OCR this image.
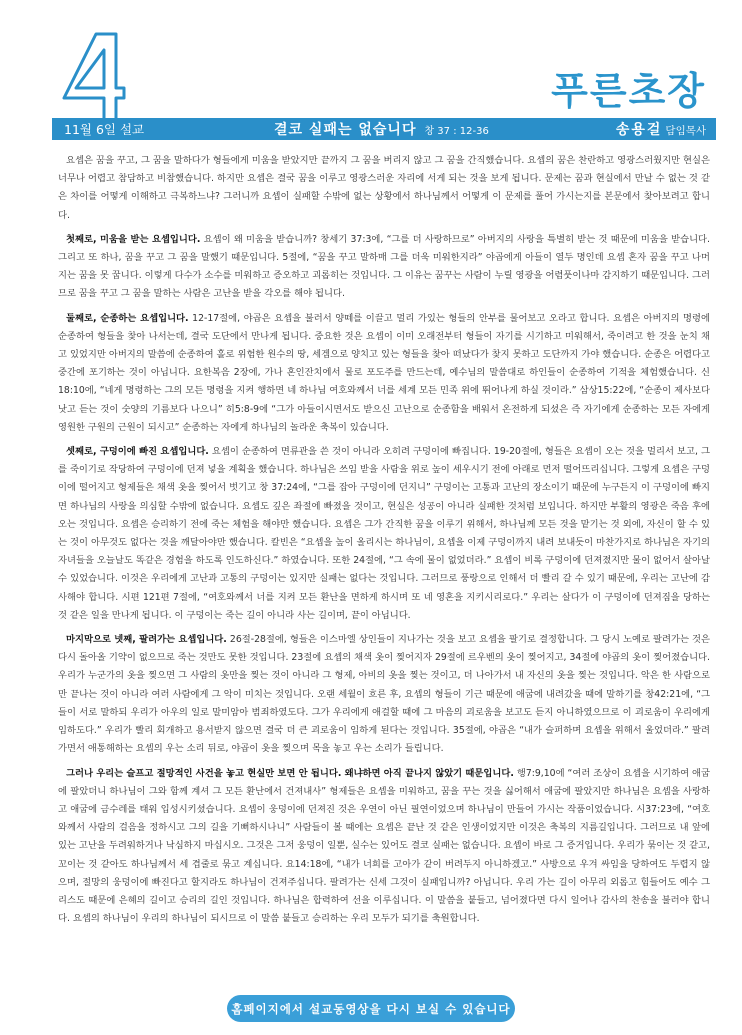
푸른초장
11월 6일 설교	결코 실패는 없습니다 창 37 : 12-36	송용걸 담임목사

요셉은 꿈을 꾸고, 그 꿈을 말하다가 형들에게 미움을 받았지만 끝까지 그 꿈을 버리지 않고 그 꿈을 간직했습니다. 요셉의 꿈은 찬란하고 영광스러웠지만 현실은 너무나 어렵고 참담하고 비참했습니다. 하지만 요셉은 결국 꿈을 이루고 영광스러운 자리에 서게 되는 것을 보게 됩니다. 문제는 꿈과 현실에서 만날 수 없는 것 같은 차이를 어떻게 이해하고 극복하느냐? 그러니까 요셉이 실패할 수밖에 없는 상황에서 하나님께서 어떻게 이 문제를 풀어 가시는지를 본문에서 찾아보려고 합니다.

첫째로, 미움을 받는 요셉입니다. 요셉이 왜 미움을 받습니까? 창세기 37:3에, “그를 더 사랑하므로” 아버지의 사랑을 특별히 받는 것 때문에 미움을 받습니다. 그리고 또 하나, 꿈을 꾸고 그 꿈을 말했기 때문입니다. 5절에, “꿈을 꾸고 말하매 그를 더욱 미워한지라” 야곱에게 아들이 열두 명인데 요셉 혼자 꿈을 꾸고 나머지는 꿈을 못 꿉니다. 이렇게 다수가 소수를 미워하고 증오하고 괴롭히는 것입니다. 그 이유는 꿈꾸는 사람이 누릴 영광을 어렴풋이나마 감지하기 때문입니다. 그러므로 꿈을 꾸고 그 꿈을 말하는 사람은 고난을 받을 각오를 해야 됩니다.

둘째로, 순종하는 요셉입니다. 12-17절에, 야곱은 요셉을 불러서 양떼를 이끌고 멀리 가있는 형들의 안부를 물어보고 오라고 합니다. 요셉은 아버지의 명령에 순종하여 형들을 찾아 나서는데, 결국 도단에서 만나게 됩니다. 중요한 것은 요셉이 이미 오래전부터 형들이 자기를 시기하고 미워해서, 죽이려고 한 것을 눈치 채고 있었지만 아버지의 말씀에 순종하여 홀로 위험한 원수의 땅, 세겜으로 양치고 있는 형들을 찾아 떠났다가 찾지 못하고 도단까지 가야 했습니다. 순종은 어렵다고 중간에 포기하는 것이 아닙니다. 요한복음 2장에, 가나 혼인잔치에서 물로 포도주를 만드는데, 예수님의 말씀대로 하인들이 순종하여 기적을 체험했습니다. 신 18:10에, “네게 명령하는 그의 모든 명령을 지켜 행하면 네 하나님 여호와께서 너를 세계 모든 민족 위에 뛰어나게 하실 것이라.” 삼상15:22에, “순종이 제사보다 낫고 듣는 것이 숫양의 기름보다 나으니” 히5:8-9에 “그가 아들이시면서도 받으신 고난으로 순종함을 배워서 온전하게 되셨은 즉 자기에게 순종하는 모든 자에게 영원한 구원의 근원이 되시고” 순종하는 자에게 하나님의 놀라운 축복이 있습니다.

셋째로, 구덩이에 빠진 요셉입니다. 요셉이 순종하여 면류관을 쓴 것이 아니라 오히려 구덩이에 빠집니다. 19-20절에, 형들은 요셉이 오는 것을 멀리서 보고, 그를 죽이기로 작당하여 구덩이에 던져 넣을 계획을 했습니다. 하나님은 쓰임 받을 사람을 위로 높이 세우시기 전에 아래로 먼저 떨어뜨리십니다. 그렇게 요셉은 구덩이에 떨어지고 형제들은 채색 옷을 찢어서 벗기고 창 37:24에, “그를 잡아 구덩이에 던지니” 구덩이는 고통과 고난의 장소이기 때문에 누구든지 이 구덩이에 빠지면 하나님의 사랑을 의심할 수밖에 없습니다. 요셉도 깊은 좌절에 빠졌을 것이고, 현실은 성공이 아니라 실패한 것처럼 보입니다. 하지만 부활의 영광은 죽음 후에 오는 것입니다. 요셉은 승리하기 전에 죽는 체험을 해야만 했습니다. 요셉은 그가 간직한 꿈을 이루기 위해서, 하나님께 모든 것을 맡기는 것 외에, 자신이 할 수 있는 것이 아무것도 없다는 것을 깨달아야만 했습니다. 칼빈은 “요셉을 높이 올리시는 하나님이, 요셉을 이제 구덩이까지 내려 보내듯이 마찬가지로 하나님은 자기의 자녀들을 오늘날도 똑같은 경험을 하도록 인도하신다.” 하였습니다. 또한 24절에, “그 속에 물이 없었더라.” 요셉이 비록 구덩이에 던져졌지만 물이 없어서 살아날 수 있었습니다. 이것은 우리에게 고난과 고통의 구덩이는 있지만 실패는 없다는 것입니다. 그러므로 풍랑으로 인해서 더 빨리 갈 수 있기 때문에, 우리는 고난에 감사해야 합니다. 시편 121편 7절에, “여호와께서 너를 지켜 모든 환난을 면하게 하시며 또 네 영혼을 지키시리로다.” 우리는 살다가 이 구덩이에 던져짐을 당하는 것 같은 일을 만나게 됩니다. 이 구덩이는 죽는 길이 아니라 사는 길이며, 끝이 아닙니다.

마지막으로 넷째, 팔려가는 요셉입니다. 26절-28절에, 형들은 이스마엘 상인들이 지나가는 것을 보고 요셉을 팔기로 결정합니다. 그 당시 노예로 팔려가는 것은 다시 돌아올 기약이 없으므로 죽는 것만도 못한 것입니다. 23절에 요셉의 채색 옷이 찢어지자 29절에 르우벤의 옷이 찢어지고, 34절에 야곱의 옷이 찢어졌습니다. 우리가 누군가의 옷을 찢으면 그 사람의 옷만을 찢는 것이 아니라 그 형제, 아비의 옷을 찢는 것이고, 더 나아가서 내 자신의 옷을 찢는 것입니다. 악은 한 사람으로만 끝나는 것이 아니라 여러 사람에게 그 악이 미치는 것입니다. 오랜 세월이 흐른 후, 요셉의 형들이 기근 때문에 애굽에 내려갔을 때에 말하기를 창42:21에, “그들이 서로 말하되 우리가 아우의 일로 말미암아 범죄하였도다. 그가 우리에게 애걸할 때에 그 마음의 괴로움을 보고도 듣지 아니하였으므로 이 괴로움이 우리에게 임하도다.” 우리가 빨리 회개하고 용서받지 않으면 결국 더 큰 괴로움이 임하게 된다는 것입니다. 35절에, 야곱은 “내가 슬퍼하며 요셉을 위해서 울었더라.” 팔려가면서 애통해하는 요셉의 우는 소리 뒤로, 야곱이 옷을 찢으며 목을 놓고 우는 소리가 들립니다.

그러나 우리는 슬프고 절망적인 사건을 놓고 현실만 보면 안 됩니다. 왜냐하면 아직 끝나지 않았기 때문입니다. 행7:9,10에 “여러 조상이 요셉을 시기하여 애굽에 팔았더니 하나님이 그와 함께 계셔 그 모든 환난에서 건져내사” 형제들은 요셉을 미워하고, 꿈을 꾸는 것을 싫어해서 애굽에 팔았지만 하나님은 요셉을 사랑하고 애굽에 금수레를 태워 입성시키셨습니다. 요셉이 웅덩이에 던져진 것은 우연이 아닌 필연이었으며 하나님이 만들어 가시는 작품이었습니다. 시37:23에, “여호와께서 사람의 걸음을 정하시고 그의 길을 기뻐하시나니” 사람들이 볼 때에는 요셉은 끝난 것 같은 인생이었지만 이것은 축복의 지름길입니다. 그러므로 내 앞에 있는 고난을 두려워하거나 낙심하지 마십시오. 그것은 그저 웅덩이 일뿐, 실수는 있어도 결코 실패는 없습니다. 요셉이 바로 그 증거입니다. 우리가 묶이는 것 같고, 꼬이는 것 같아도 하나님께서 세 겹줄로 묶고 계십니다. 요14:18에, “내가 너희를 고아가 같이 버려두지 아니하겠고.” 사방으로 우겨 싸임을 당하여도 두렵지 않으며, 절망의 웅덩이에 빠진다고 할지라도 하나님이 건져주십니다. 팔려가는 신세 그것이 실패입니까? 아닙니다. 우리 가는 길이 아무리 외롭고 힘들어도 예수 그리스도 때문에 은혜의 길이고 승리의 길인 것입니다. 하나님은 합력하여 선을 이루십니다. 이 말씀을 붙들고, 넘어졌다면 다시 일어나 감사의 찬송을 불러야 합니다. 요셉의 하나님이 우리의 하나님이 되시므로 이 말씀 붙들고 승리하는 우리 모두가 되기를 축원합니다.

홈페이지에서 설교동영상을 다시 보실 수 있습니다
